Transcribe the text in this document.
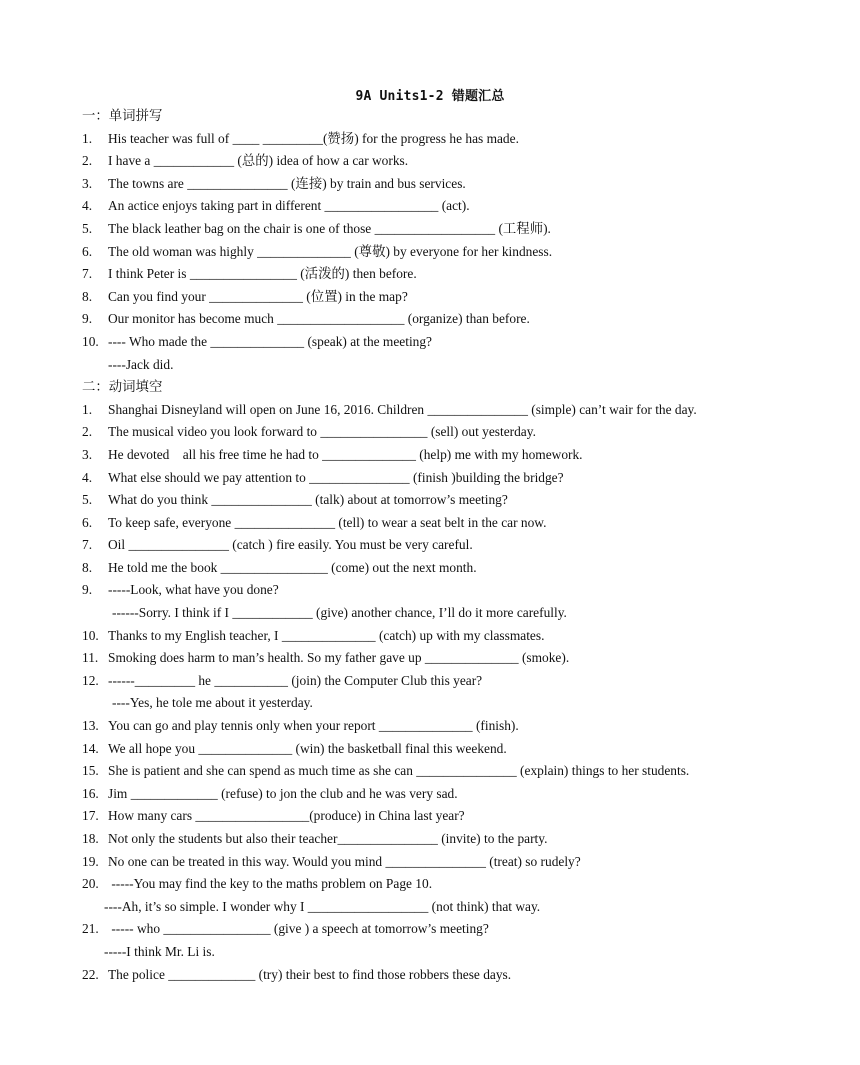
9A Units1-2 错题汇总
一：单词拼写
1.	His teacher was full of ____ _________(赞扬) for the progress he has made.
2.	I have a ____________ (总的) idea of how a car works.
3.	The towns are _______________ (连接) by train and bus services.
4.	An actice enjoys taking part in different _________________ (act).
5.	The black leather bag on the chair is one of those __________________ (工程师).
6.	The old woman was highly ______________ (尊敬) by everyone for her kindness.
7.	I think Peter is ________________ (活泼的) then before.
8.	Can you find your ______________ (位置) in the map?
9.	Our monitor has become much ___________________ (organize) than before.
10. ---- Who made the ______________ (speak) at the meeting?
----Jack did.
二：动词填空
1.	Shanghai Disneyland will open on June 16, 2016. Children _______________ (simple) can’t wair for the day.
2.	The musical video you look forward to ________________ (sell) out yesterday.
3.	He devoted    all his free time he had to ______________ (help) me with my homework.
4.	What else should we pay attention to _______________ (finish )building the bridge?
5.	What do you think _______________ (talk) about at tomorrow’s meeting?
6.	To keep safe, everyone _______________ (tell) to wear a seat belt in the car now.
7.	Oil _______________ (catch ) fire easily. You must be very careful.
8.	He told me the book ________________ (come) out the next month.
9.	-----Look, what have you done?
------Sorry. I think if I ____________ (give) another chance, I’ll do it more carefully.
10. Thanks to my English teacher, I ______________ (catch) up with my classmates.
11. Smoking does harm to man’s health. So my father gave up ______________ (smoke).
12. ------_________ he ___________ (join) the Computer Club this year?
----Yes, he tole me about it yesterday.
13. You can go and play tennis only when your report ______________ (finish).
14. We all hope you ______________ (win) the basketball final this weekend.
15. She is patient and she can spend as much time as she can _______________ (explain) things to her students.
16. Jim _____________ (refuse) to jon the club and he was very sad.
17. How many cars _________________(produce) in China last year?
18. Not only the students but also their teacher_______________ (invite) to the party.
19. No one can be treated in this way. Would you mind _______________ (treat) so rudely?
20. -----You may find the key to the maths problem on Page 10.
----Ah, it’s so simple. I wonder why I __________________ (not think) that way.
21. ----- who ________________ (give ) a speech at tomorrow’s meeting?
-----I think Mr. Li is.
22. The police _____________ (try) their best to find those robbers these days.
